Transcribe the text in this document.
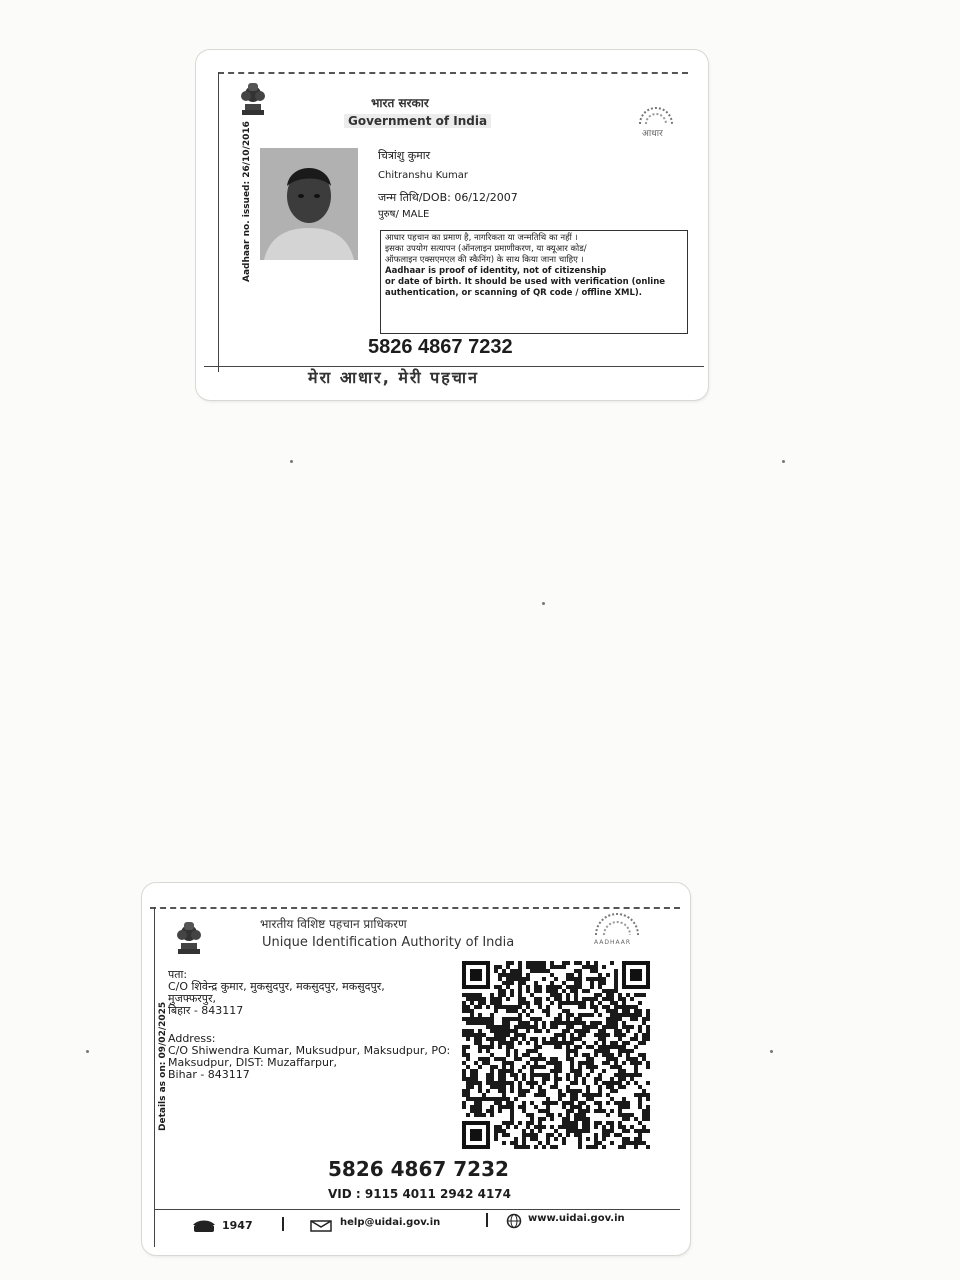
भारत सरकार
Government of India
आधार
Aadhaar no. issued: 26/10/2016	चित्रांशु कुमार
Chitranshu Kumar
जन्म तिथि/DOB: 06/12/2007
पुरुष/ MALE
आधार पहचान का प्रमाण है, नागरिकता या जन्मतिथि का नहीं ।
इसका उपयोग सत्यापन (ऑनलाइन प्रमाणीकरण, या क्यूआर कोड/
ऑफलाइन एक्सएमएल की स्कैनिंग) के साथ किया जाना चाहिए ।
Aadhaar is proof of identity, not of citizenship
or date of birth. It should be used with verification (online
authentication, or scanning of QR code / offline XML).
5826 4867 7232
मेरा आधार, मेरी पहचान
भारतीय विशिष्ट पहचान प्राधिकरण
Unique Identification Authority of India	AADHAAR
Details as on: 09/02/2025
पता:
C/O शिवेन्द्र कुमार, मुकसुदपुर, मकसुदपुर, मकसुदपुर,
मुजफ्फरपुर,
बिहार - 843117
Address:
C/O Shiwendra Kumar, Muksudpur, Maksudpur, PO:
Maksudpur, DIST: Muzaffarpur,
Bihar - 843117
5826 4867 7232
VID : 9115 4011 2942 4174
1947	help@uidai.gov.in	www.uidai.gov.in
